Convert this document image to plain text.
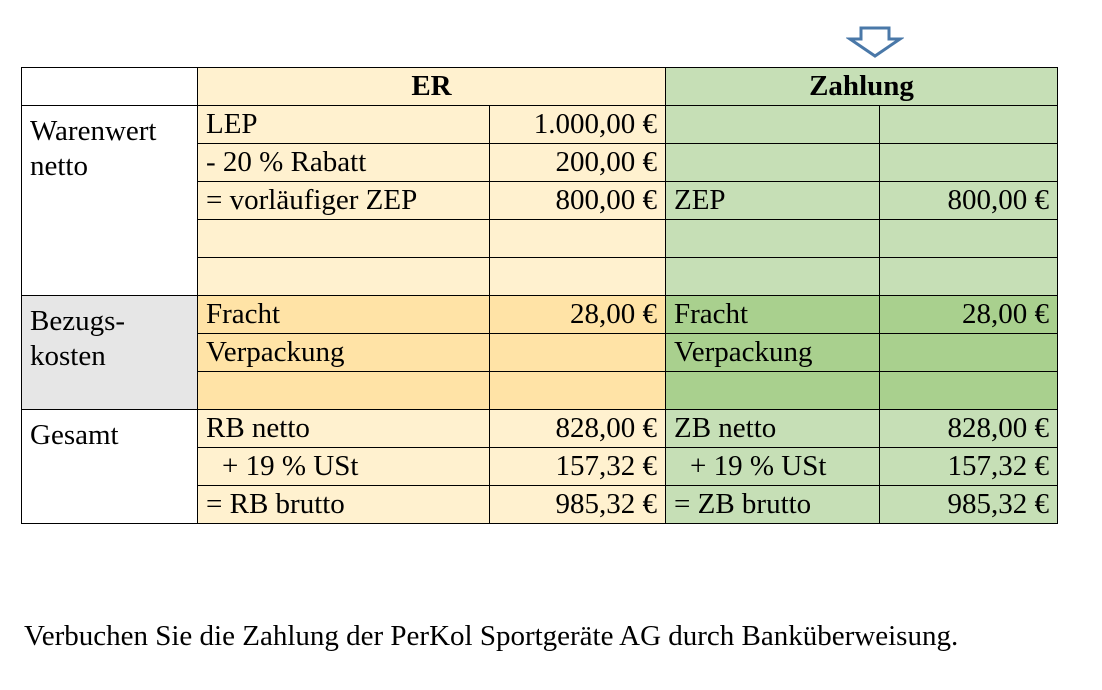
	ER		Zahlung	
Warenwert
netto	LEP	1.000,00 €		
	- 20 % Rabatt	200,00 €		
	= vorläufiger ZEP	800,00 €	ZEP	800,00 €

Bezugs-
kosten	Fracht	28,00 €	Fracht	28,00 €
	Verpackung		Verpackung	

Gesamt	RB netto	828,00 €	ZB netto	828,00 €
	+ 19 % USt	157,32 €	+ 19 % USt	157,32 €
	= RB brutto	985,32 €	= ZB brutto	985,32 €
Verbuchen Sie die Zahlung der PerKol Sportgeräte AG durch Banküberweisung.
